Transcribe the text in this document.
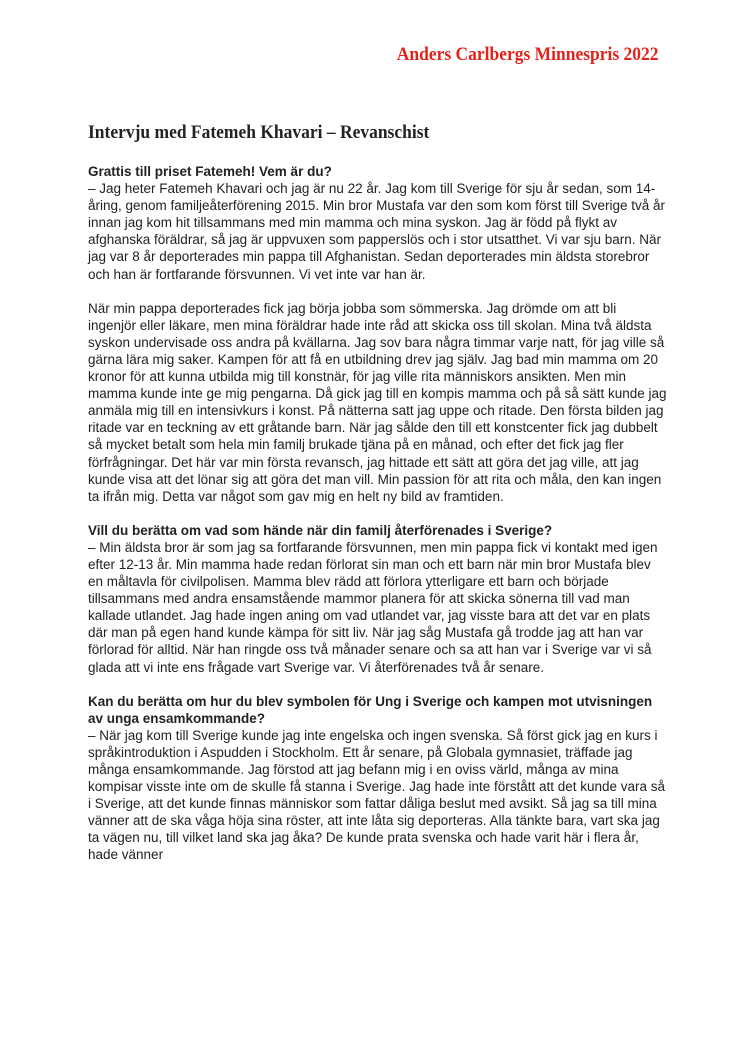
Anders Carlbergs Minnespris 2022
Intervju med Fatemeh Khavari – Revanschist

Grattis till priset Fatemeh! Vem är du?

– Jag heter Fatemeh Khavari och jag är nu 22 år. Jag kom till Sverige för sju år sedan, som 14-åring, genom familjeåterförening 2015. Min bror Mustafa var den som kom först till Sverige två år innan jag kom hit tillsammans med min mamma och mina syskon. Jag är född på flykt av afghanska föräldrar, så jag är uppvuxen som papperslös och i stor utsatthet. Vi var sju barn. När jag var 8 år deporterades min pappa till Afghanistan. Sedan deporterades min äldsta storebror och han är fortfarande försvunnen. Vi vet inte var han är.

När min pappa deporterades fick jag börja jobba som sömmerska. Jag drömde om att bli ingenjör eller läkare, men mina föräldrar hade inte råd att skicka oss till skolan. Mina två äldsta syskon undervisade oss andra på kvällarna. Jag sov bara några timmar varje natt, för jag ville så gärna lära mig saker. Kampen för att få en utbildning drev jag själv. Jag bad min mamma om 20 kronor för att kunna utbilda mig till konstnär, för jag ville rita människors ansikten. Men min mamma kunde inte ge mig pengarna. Då gick jag till en kompis mamma och på så sätt kunde jag anmäla mig till en intensivkurs i konst. På nätterna satt jag uppe och ritade. Den första bilden jag ritade var en teckning av ett gråtande barn. När jag sålde den till ett konstcenter fick jag dubbelt så mycket betalt som hela min familj brukade tjäna på en månad, och efter det fick jag fler förfrågningar. Det här var min första revansch, jag hittade ett sätt att göra det jag ville, att jag kunde visa att det lönar sig att göra det man vill. Min passion för att rita och måla, den kan ingen ta ifrån mig. Detta var något som gav mig en helt ny bild av framtiden.

Vill du berätta om vad som hände när din familj återförenades i Sverige?

– Min äldsta bror är som jag sa fortfarande försvunnen, men min pappa fick vi kontakt med igen efter 12-13 år. Min mamma hade redan förlorat sin man och ett barn när min bror Mustafa blev en måltavla för civilpolisen. Mamma blev rädd att förlora ytterligare ett barn och började tillsammans med andra ensamstående mammor planera för att skicka sönerna till vad man kallade utlandet. Jag hade ingen aning om vad utlandet var, jag visste bara att det var en plats där man på egen hand kunde kämpa för sitt liv. När jag såg Mustafa gå trodde jag att han var förlorad för alltid. När han ringde oss två månader senare och sa att han var i Sverige var vi så glada att vi inte ens frågade vart Sverige var. Vi återförenades två år senare.

Kan du berätta om hur du blev symbolen för Ung i Sverige och kampen mot utvisningen av unga ensamkommande?

– När jag kom till Sverige kunde jag inte engelska och ingen svenska. Så först gick jag en kurs i språkintroduktion i Aspudden i Stockholm. Ett år senare, på Globala gymnasiet, träffade jag många ensamkommande. Jag förstod att jag befann mig i en oviss värld, många av mina kompisar visste inte om de skulle få stanna i Sverige. Jag hade inte förstått att det kunde vara så i Sverige, att det kunde finnas människor som fattar dåliga beslut med avsikt. Så jag sa till mina vänner att de ska våga höja sina röster, att inte låta sig deporteras. Alla tänkte bara, vart ska jag ta vägen nu, till vilket land ska jag åka? De kunde prata svenska och hade varit här i flera år, hade vänner
